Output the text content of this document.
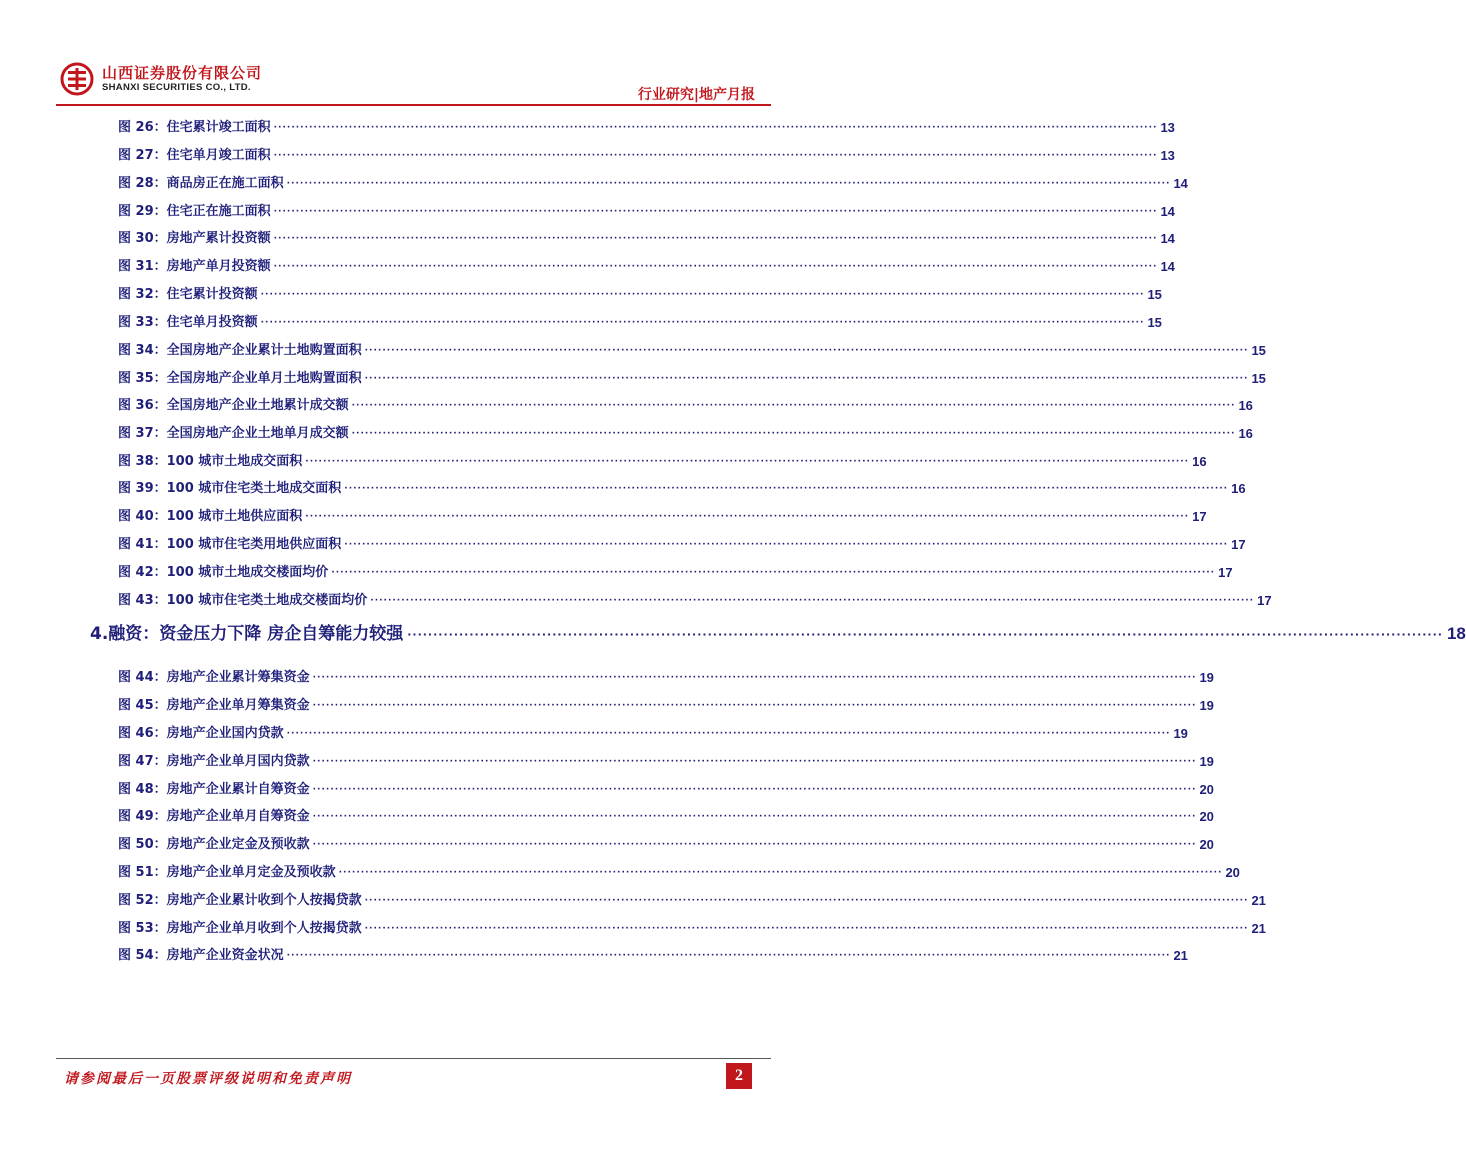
山西证券股份有限公司
SHANXI SECURITIES CO., LTD.	行业研究|地产月报
图 26： 住宅累计竣工面积 ········································································································································································································ 13
图 27： 住宅单月竣工面积 ········································································································································································································ 13
图 28： 商品房正在施工面积 ········································································································································································································ 14
图 29： 住宅正在施工面积 ········································································································································································································ 14
图 30： 房地产累计投资额 ········································································································································································································ 14
图 31： 房地产单月投资额 ········································································································································································································ 14
图 32： 住宅累计投资额 ········································································································································································································ 15
图 33： 住宅单月投资额 ········································································································································································································ 15
图 34： 全国房地产企业累计土地购置面积 ········································································································································································································ 15
图 35： 全国房地产企业单月土地购置面积 ········································································································································································································ 15
图 36： 全国房地产企业土地累计成交额 ········································································································································································································ 16
图 37： 全国房地产企业土地单月成交额 ········································································································································································································ 16
图 38： 100 城市土地成交面积 ········································································································································································································ 16
图 39： 100 城市住宅类土地成交面积 ········································································································································································································ 16
图 40： 100 城市土地供应面积 ········································································································································································································ 17
图 41： 100 城市住宅类用地供应面积 ········································································································································································································ 17
图 42： 100 城市土地成交楼面均价 ········································································································································································································ 17
图 43： 100 城市住宅类土地成交楼面均价 ········································································································································································································ 17
4.融资：资金压力下降 房企自筹能力较强 ········································································································································································································ 18
图 44： 房地产企业累计筹集资金 ········································································································································································································ 19
图 45： 房地产企业单月筹集资金 ········································································································································································································ 19
图 46： 房地产企业国内贷款 ········································································································································································································ 19
图 47： 房地产企业单月国内贷款 ········································································································································································································ 19
图 48： 房地产企业累计自筹资金 ········································································································································································································ 20
图 49： 房地产企业单月自筹资金 ········································································································································································································ 20
图 50： 房地产企业定金及预收款 ········································································································································································································ 20
图 51： 房地产企业单月定金及预收款 ········································································································································································································ 20
图 52： 房地产企业累计收到个人按揭贷款 ········································································································································································································ 21
图 53： 房地产企业单月收到个人按揭贷款 ········································································································································································································ 21
图 54： 房地产企业资金状况 ········································································································································································································ 21
请参阅最后一页股票评级说明和免责声明	2
